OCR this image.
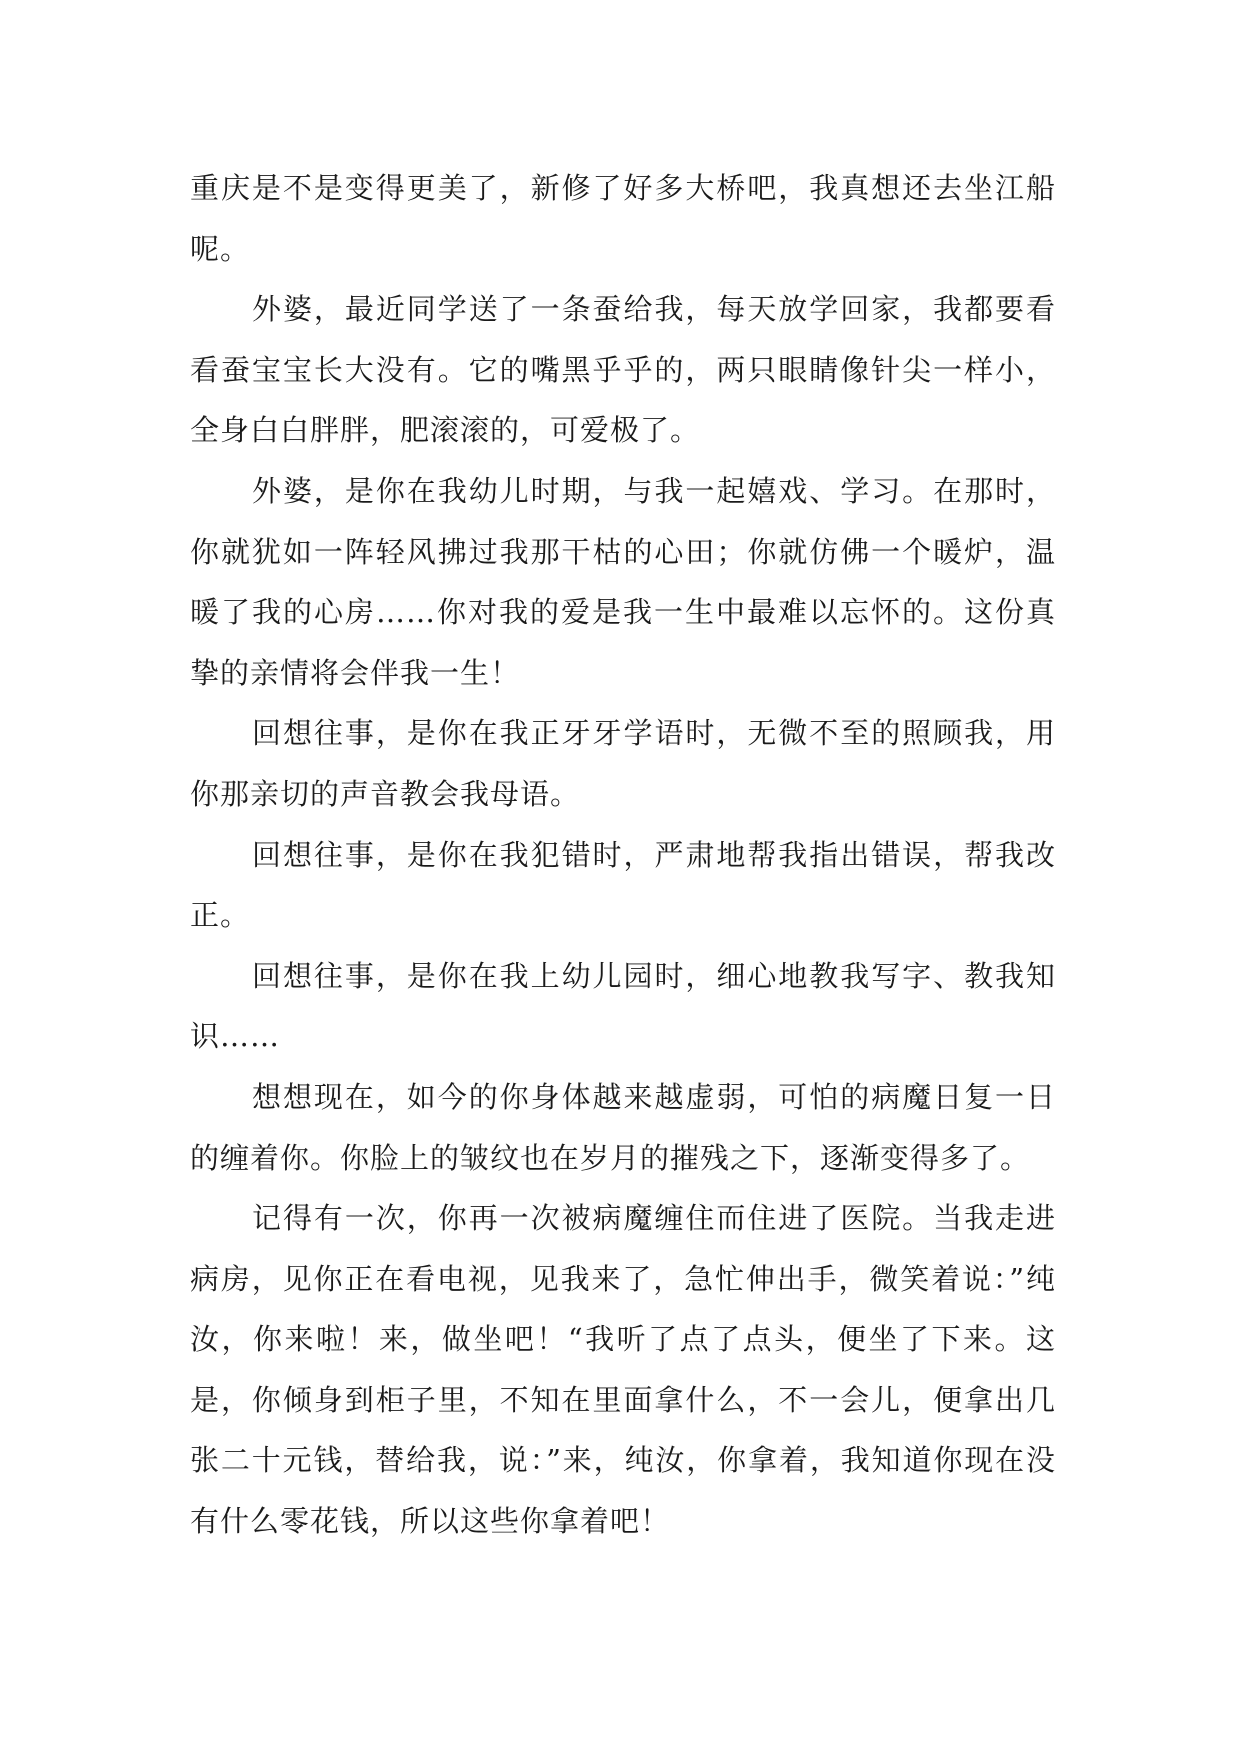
重庆是不是变得更美了，新修了好多大桥吧，我真想还去坐江船呢。

外婆，最近同学送了一条蚕给我，每天放学回家，我都要看看蚕宝宝长大没有。它的嘴黑乎乎的，两只眼睛像针尖一样小，全身白白胖胖，肥滚滚的，可爱极了。

外婆，是你在我幼儿时期，与我一起嬉戏、学习。在那时，你就犹如一阵轻风拂过我那干枯的心田；你就仿佛一个暖炉，温暖了我的心房……你对我的爱是我一生中最难以忘怀的。这份真挚的亲情将会伴我一生！

回想往事，是你在我正牙牙学语时，无微不至的照顾我，用你那亲切的声音教会我母语。

回想往事，是你在我犯错时，严肃地帮我指出错误，帮我改正。

回想往事，是你在我上幼儿园时，细心地教我写字、教我知识……

想想现在，如今的你身体越来越虚弱，可怕的病魔日复一日的缠着你。你脸上的皱纹也在岁月的摧残之下，逐渐变得多了。

记得有一次，你再一次被病魔缠住而住进了医院。当我走进病房，见你正在看电视，见我来了，急忙伸出手，微笑着说：”纯汝，你来啦！来，做坐吧！“我听了点了点头，便坐了下来。这是，你倾身到柜子里，不知在里面拿什么，不一会儿，便拿出几张二十元钱，替给我，说：”来，纯汝，你拿着，我知道你现在没有什么零花钱，所以这些你拿着吧！
